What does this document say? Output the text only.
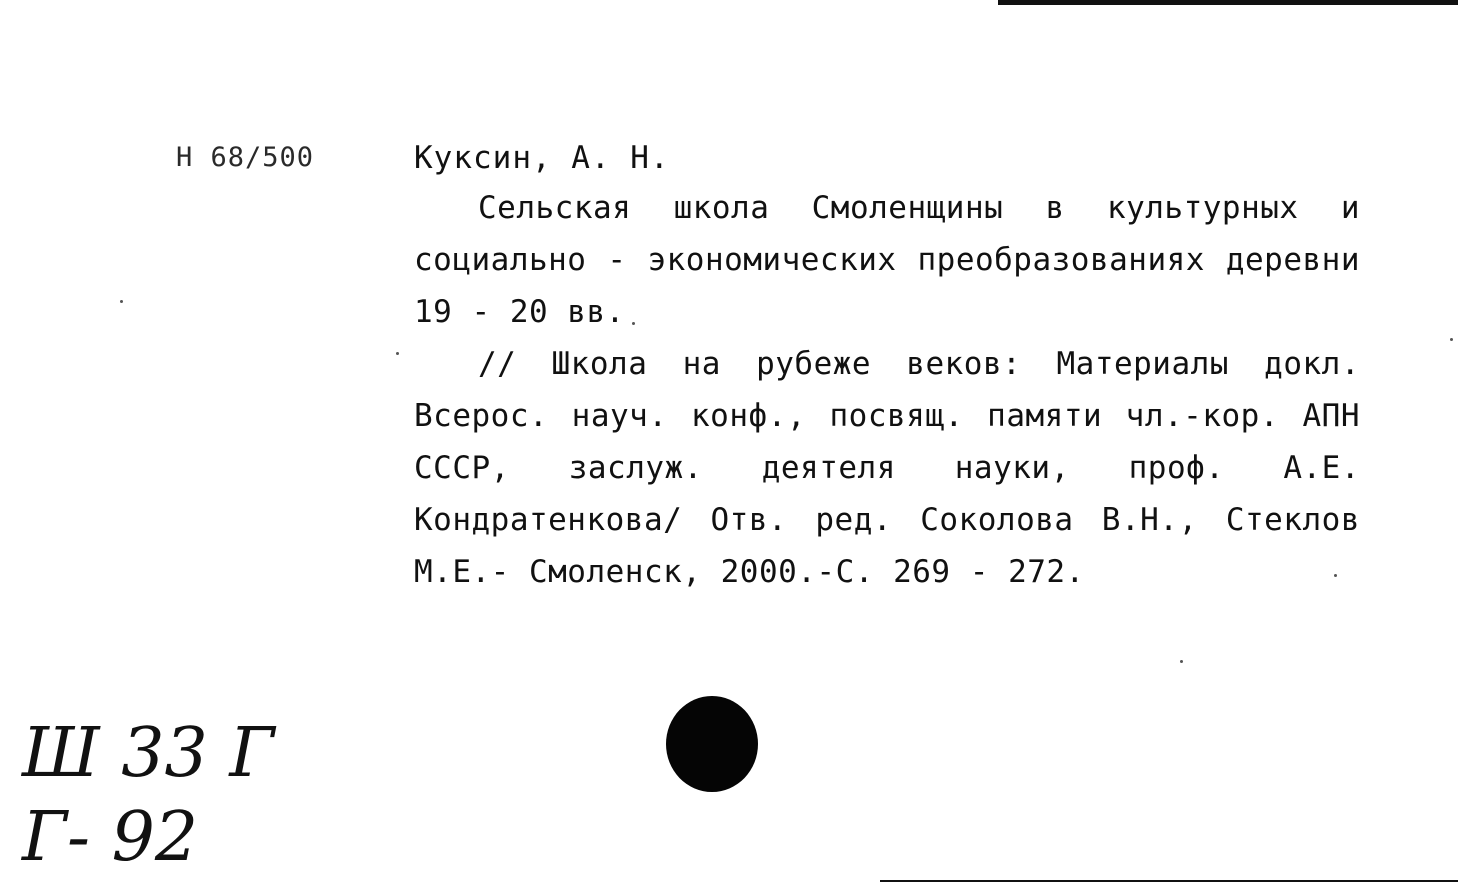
Н 68/500	Куксин, А. Н.

Сельская школа Смоленщины в культурных и социально - экономических преобразованиях деревни 19 - 20 вв.

// Школа на рубеже веков: Материалы докл. Всерос. науч. конф., посвящ. памяти чл.-кор. АПН СССР, заслуж. деятеля науки, проф. А.Е. Кондратенкова/ Отв. ред. Соколова В.Н., Стеклов М.Е.- Смоленск, 2000.-С. 269 - 272.

Ш 33 Г
Г- 92
